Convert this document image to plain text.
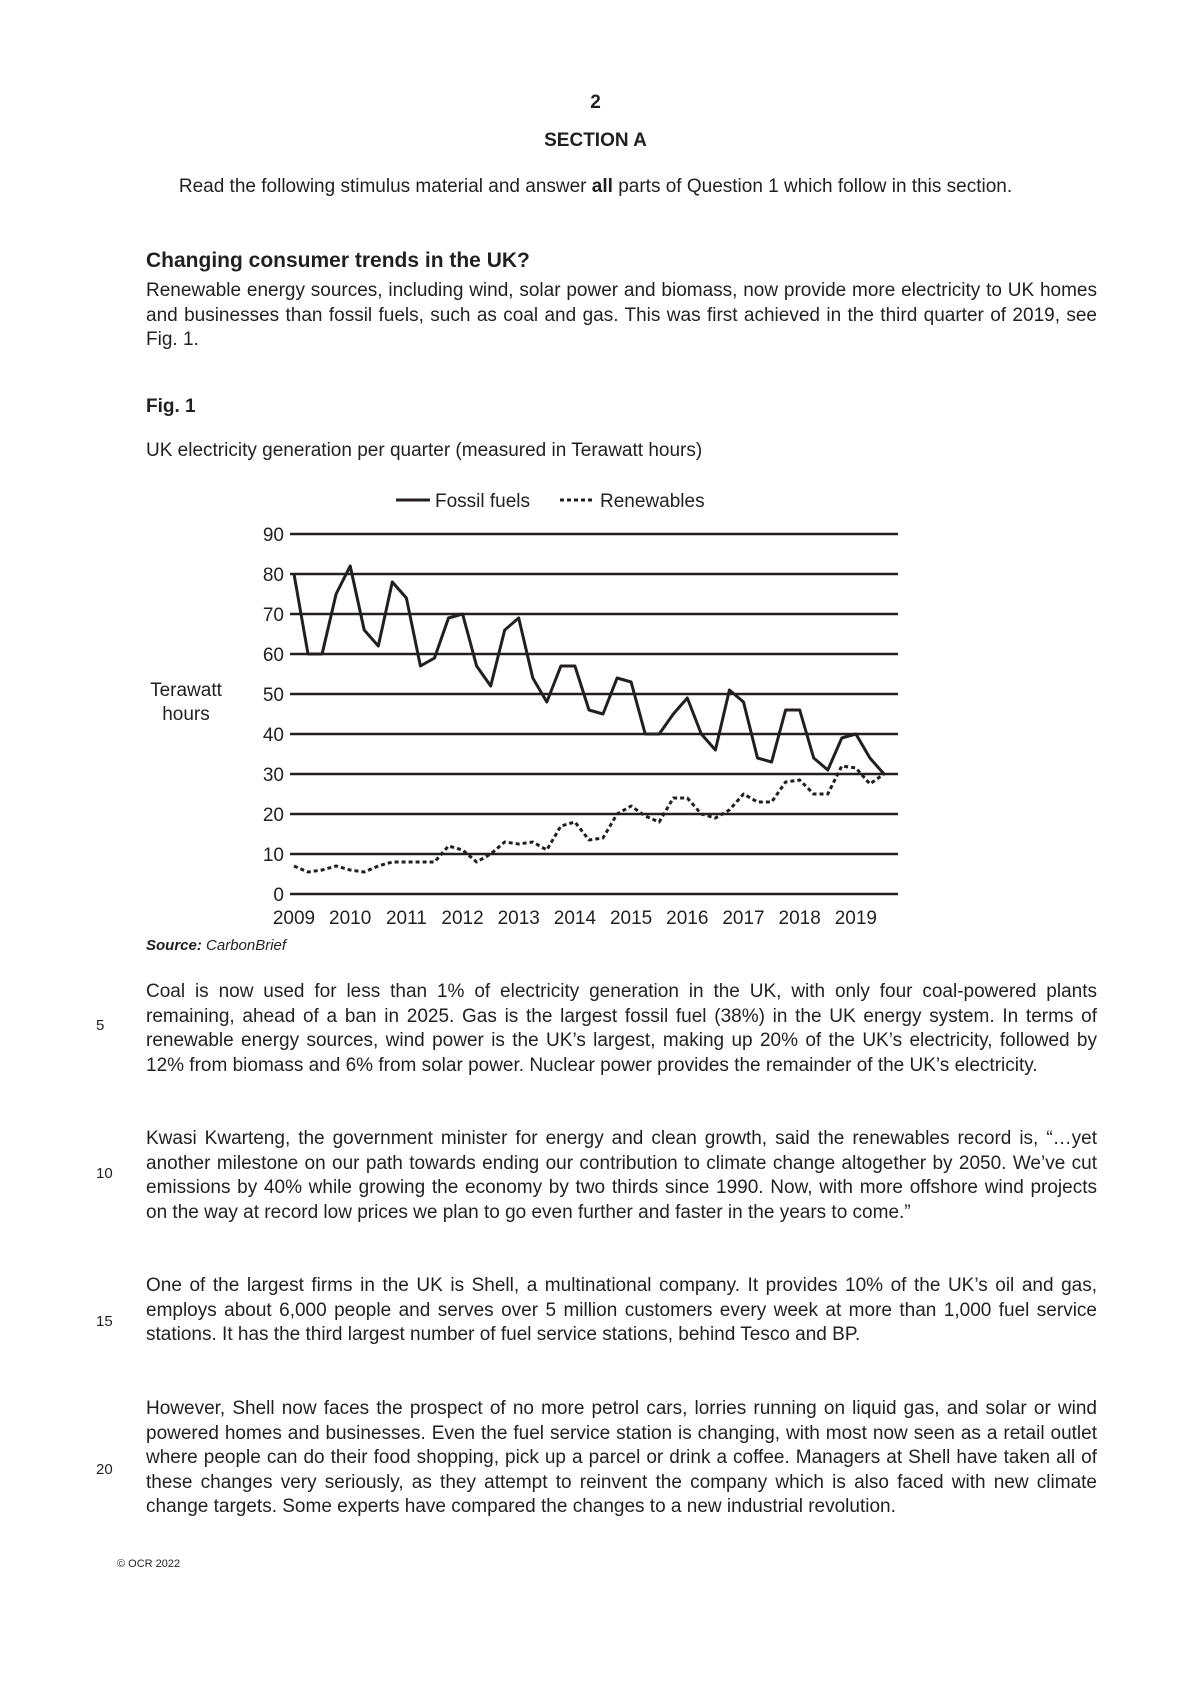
2
SECTION A
Read the following stimulus material and answer all parts of Question 1 which follow in this section.
Changing consumer trends in the UK?
Renewable energy sources, including wind, solar power and biomass, now provide more electricity to UK homes and businesses than fossil fuels, such as coal and gas. This was first achieved in the third quarter of 2019, see Fig. 1.
Fig. 1
UK electricity generation per quarter (measured in Terawatt hours)
Fossil fuels	Renewables
Terawatt
hours
0
10
20
30
40
50
60
70
80
90
2009 2010 2011 2012 2013 2014 2015 2016 2017 2018 2019
Source: CarbonBrief
Coal is now used for less than 1% of electricity generation in the UK, with only four coal-powered plants remaining, ahead of a ban in 2025. Gas is the largest fossil fuel (38%) in the UK energy system. In terms of renewable energy sources, wind power is the UK’s largest, making up 20% of the UK’s electricity, followed by 12% from biomass and 6% from solar power. Nuclear power provides the remainder of the UK’s electricity.
Kwasi Kwarteng, the government minister for energy and clean growth, said the renewables record is, “…yet another milestone on our path towards ending our contribution to climate change altogether by 2050. We’ve cut emissions by 40% while growing the economy by two thirds since 1990. Now, with more offshore wind projects on the way at record low prices we plan to go even further and faster in the years to come.”
One of the largest firms in the UK is Shell, a multinational company. It provides 10% of the UK’s oil and gas, employs about 6,000 people and serves over 5 million customers every week at more than 1,000 fuel service stations. It has the third largest number of fuel service stations, behind Tesco and BP.
However, Shell now faces the prospect of no more petrol cars, lorries running on liquid gas, and solar or wind powered homes and businesses. Even the fuel service station is changing, with most now seen as a retail outlet where people can do their food shopping, pick up a parcel or drink a coffee. Managers at Shell have taken all of these changes very seriously, as they attempt to reinvent the company which is also faced with new climate change targets. Some experts have compared the changes to a new industrial revolution.
5
10
15
20
© OCR 2022
